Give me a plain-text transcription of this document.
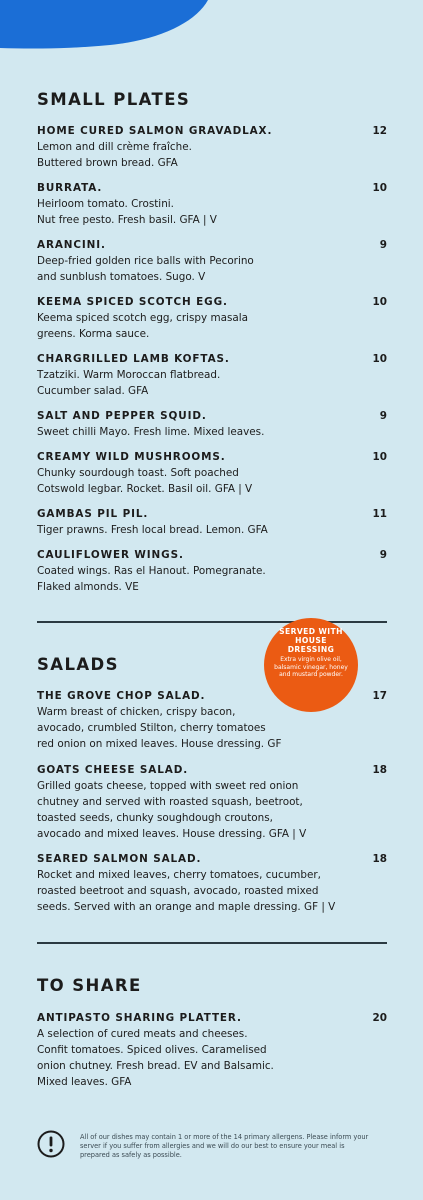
SMALL PLATES
HOME CURED SALMON GRAVADLAX.	12
Lemon and dill crème fraîche.
Buttered brown bread. GFA
BURRATA.	10
Heirloom tomato. Crostini.
Nut free pesto. Fresh basil. GFA | V
ARANCINI.	9
Deep-fried golden rice balls with Pecorino
and sunblush tomatoes. Sugo. V
KEEMA SPICED SCOTCH EGG.	10
Keema spiced scotch egg, crispy masala
greens. Korma sauce.
CHARGRILLED LAMB KOFTAS.	10
Tzatziki. Warm Moroccan flatbread.
Cucumber salad. GFA
SALT AND PEPPER SQUID.	9
Sweet chilli Mayo. Fresh lime. Mixed leaves.
CREAMY WILD MUSHROOMS.	10
Chunky sourdough toast. Soft poached
Cotswold legbar. Rocket. Basil oil. GFA | V
GAMBAS PIL PIL.	11
Tiger prawns. Fresh local bread. Lemon. GFA
CAULIFLOWER WINGS.	9
Coated wings. Ras el Hanout. Pomegranate.
Flaked almonds. VE
SALADS
SERVED WITH HOUSE DRESSING
Extra virgin olive oil, balsamic vinegar, honey and mustard powder.
THE GROVE CHOP SALAD.	17
Warm breast of chicken, crispy bacon,
avocado, crumbled Stilton, cherry tomatoes
red onion on mixed leaves. House dressing. GF
GOATS CHEESE SALAD.	18
Grilled goats cheese, topped with sweet red onion
chutney and served with roasted squash, beetroot,
toasted seeds, chunky soughdough croutons,
avocado and mixed leaves. House dressing. GFA | V
SEARED SALMON SALAD.	18
Rocket and mixed leaves, cherry tomatoes, cucumber,
roasted beetroot and squash, avocado, roasted mixed
seeds. Served with an orange and maple dressing. GF | V
TO SHARE
ANTIPASTO SHARING PLATTER.	20
A selection of cured meats and cheeses.
Confit tomatoes. Spiced olives. Caramelised
onion chutney. Fresh bread. EV and Balsamic.
Mixed leaves. GFA
All of our dishes may contain 1 or more of the 14 primary allergens. Please inform your server if you suffer from allergies and we will do our best to ensure your meal is prepared as safely as possible.
